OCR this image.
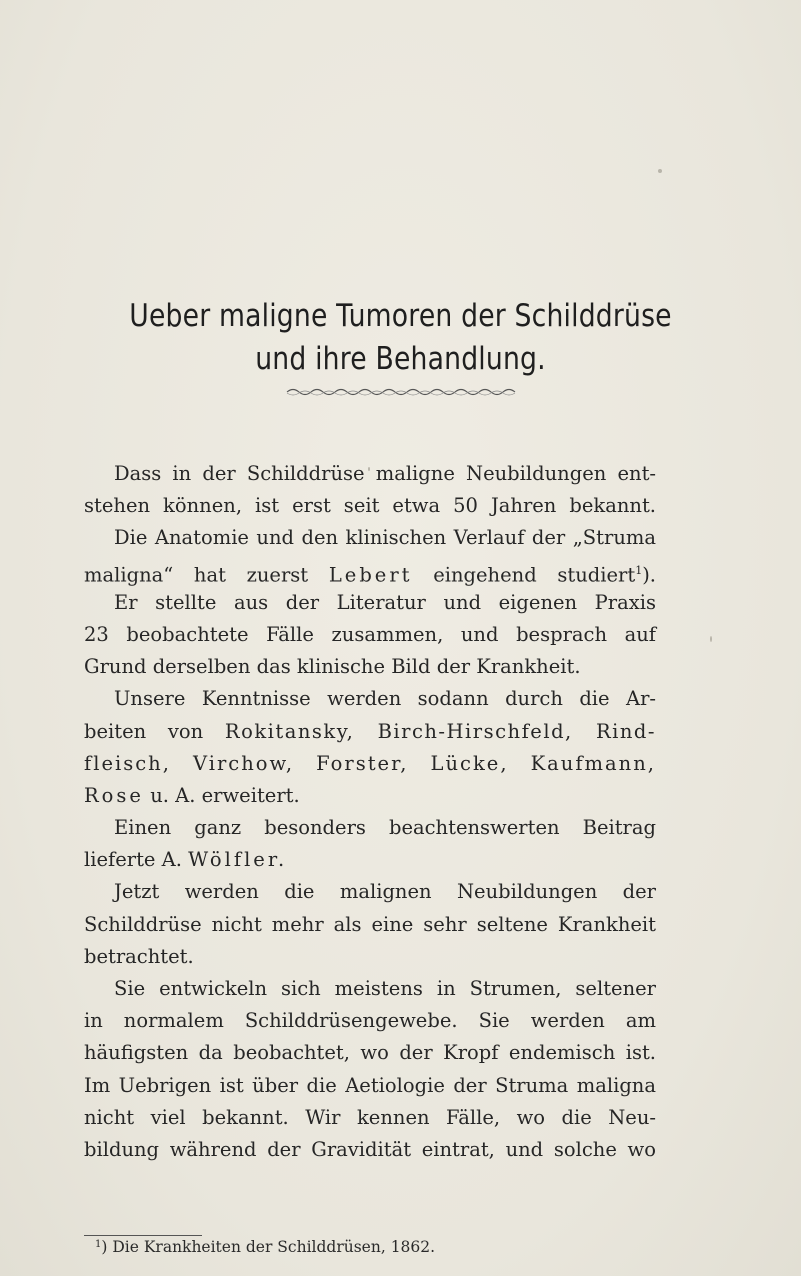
Ueber maligne Tumoren der Schilddrüse
und ihre Behandlung.
Dass in der Schilddrüse maligne Neubildungen ent-
stehen können, ist erst seit etwa 50 Jahren bekannt.
Die Anatomie und den klinischen Verlauf der „Struma
maligna“ hat zuerst Lebert eingehend studiert$^1$).
Er stellte aus der Literatur und eigenen Praxis
23 beobachtete Fälle zusammen, und besprach auf
Grund derselben das klinische Bild der Krankheit.
Unsere Kenntnisse werden sodann durch die Ar-
beiten von Rokitansky, Birch-Hirschfeld, Rind-
fleisch, Virchow, Forster, Lücke, Kaufmann,
Rose u. A. erweitert.
Einen ganz besonders beachtenswerten Beitrag
lieferte A. Wölfler.
Jetzt werden die malignen Neubildungen der
Schilddrüse nicht mehr als eine sehr seltene Krankheit
betrachtet.
Sie entwickeln sich meistens in Strumen, seltener
in normalem Schilddrüsengewebe. Sie werden am
häufigsten da beobachtet, wo der Kropf endemisch ist.
Im Uebrigen ist über die Aetiologie der Struma maligna
nicht viel bekannt. Wir kennen Fälle, wo die Neu-
bildung während der Gravidität eintrat, und solche wo
$^1$) Die Krankheiten der Schilddrüsen, 1862.
